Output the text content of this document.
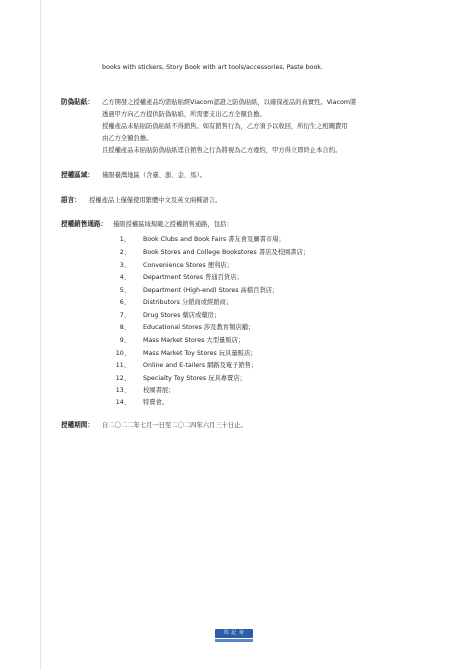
books with stickers, Story Book with art tools/accessories, Paste book.
防偽貼紙： 乙方開發之授權產品均需貼貼經Viacom認證之防偽貼紙，以確保產品的真實性。Viacom將
透過甲方向乙方提供防偽貼紙，所需要支出乙方全額負擔。
授權產品未貼貼防偽貼紙不得銷售。如有銷售行為，乙方須予以收回，所衍生之相關費用
由乙方全額負擔。
且授權產品未貼貼防偽貼紙逕自銷售之行為將視為乙方違約，甲方得立即終止本合約。
授權區域： 僅限臺灣地區（含臺、澎、金、馬）。
語言： 授權產品上僅僅使用繁體中文及英文兩種語言。
授權銷售通路： 僅限授權區域規範之授權銷售通路，包括：
1、 Book Clubs and Book Fairs 書友會及圖書市場；
2、 Book Stores and College Bookstores 書店及校園書店；
3、 Convenience Stores 便利店；
4、 Department Stores 普通百貨店；
5、 Department (High-end) Stores 高檔百貨店；
6、 Distributors 分銷商或經銷商；
7、 Drug Stores 藥店或藥房；
8、 Educational Stores 涉及教育類店舖；
9、 Mass Market Stores 大型量販店；
10、 Mass Market Toy Stores 玩具量販店；
11、 Online and E-tailers 網路及電子銷售；
12、 Specialty Toy Stores 玩具專賣店；
13、 校園書展；
14、 特賣會。
授權期間： 自二〇二二年七月一日至二〇二四年六月三十日止。
印 記 章
